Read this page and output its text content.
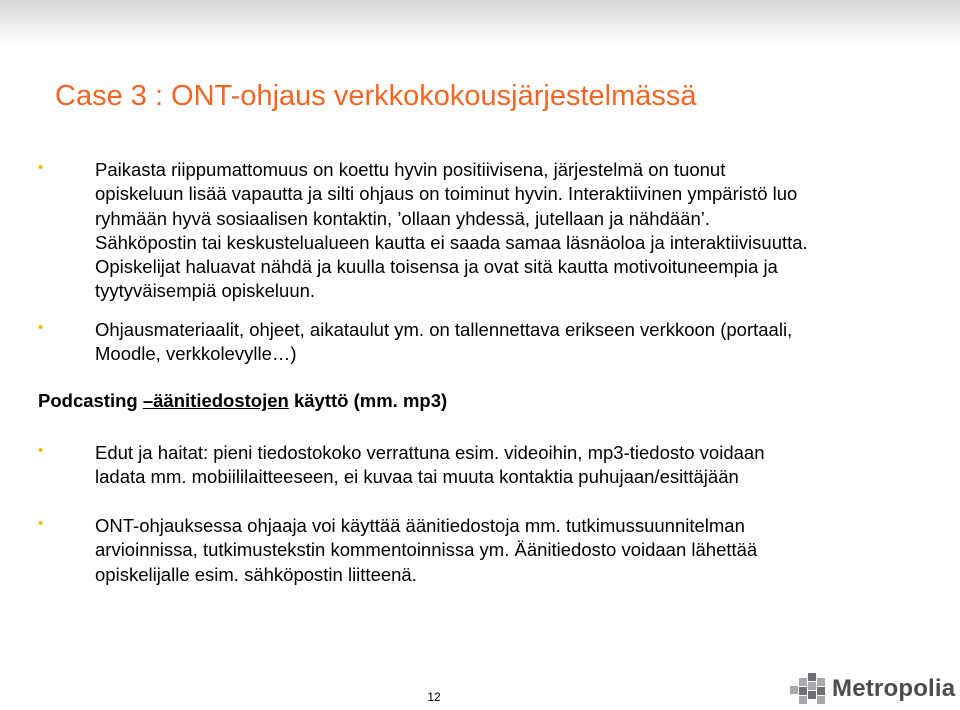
Case 3 : ONT-ohjaus verkkokokousjärjestelmässä
•	Paikasta riippumattomuus on koettu hyvin positiivisena, järjestelmä on tuonut
opiskeluun lisää vapautta ja silti ohjaus on toiminut hyvin. Interaktiivinen ympäristö luo
ryhmään hyvä sosiaalisen kontaktin, ’ollaan yhdessä, jutellaan ja nähdään’.
Sähköpostin tai keskustelualueen kautta ei saada samaa läsnäoloa ja interaktiivisuutta.
Opiskelijat haluavat nähdä ja kuulla toisensa ja ovat sitä kautta motivoituneempia ja
tyytyväisempiä opiskeluun.
•	Ohjausmateriaalit, ohjeet, aikataulut ym. on tallennettava erikseen verkkoon (portaali,
Moodle, verkkolevylle…)

Podcasting –äänitiedostojen käyttö (mm. mp3)

•	Edut ja haitat: pieni tiedostokoko verrattuna esim. videoihin, mp3-tiedosto voidaan
ladata mm. mobiililaitteeseen, ei kuvaa tai muuta kontaktia puhujaan/esittäjään
•	ONT-ohjauksessa ohjaaja voi käyttää äänitiedostoja mm. tutkimussuunnitelman
arvioinnissa, tutkimustekstin kommentoinnissa ym. Äänitiedosto voidaan lähettää
opiskelijalle esim. sähköpostin liitteenä.
12	Metropolia
